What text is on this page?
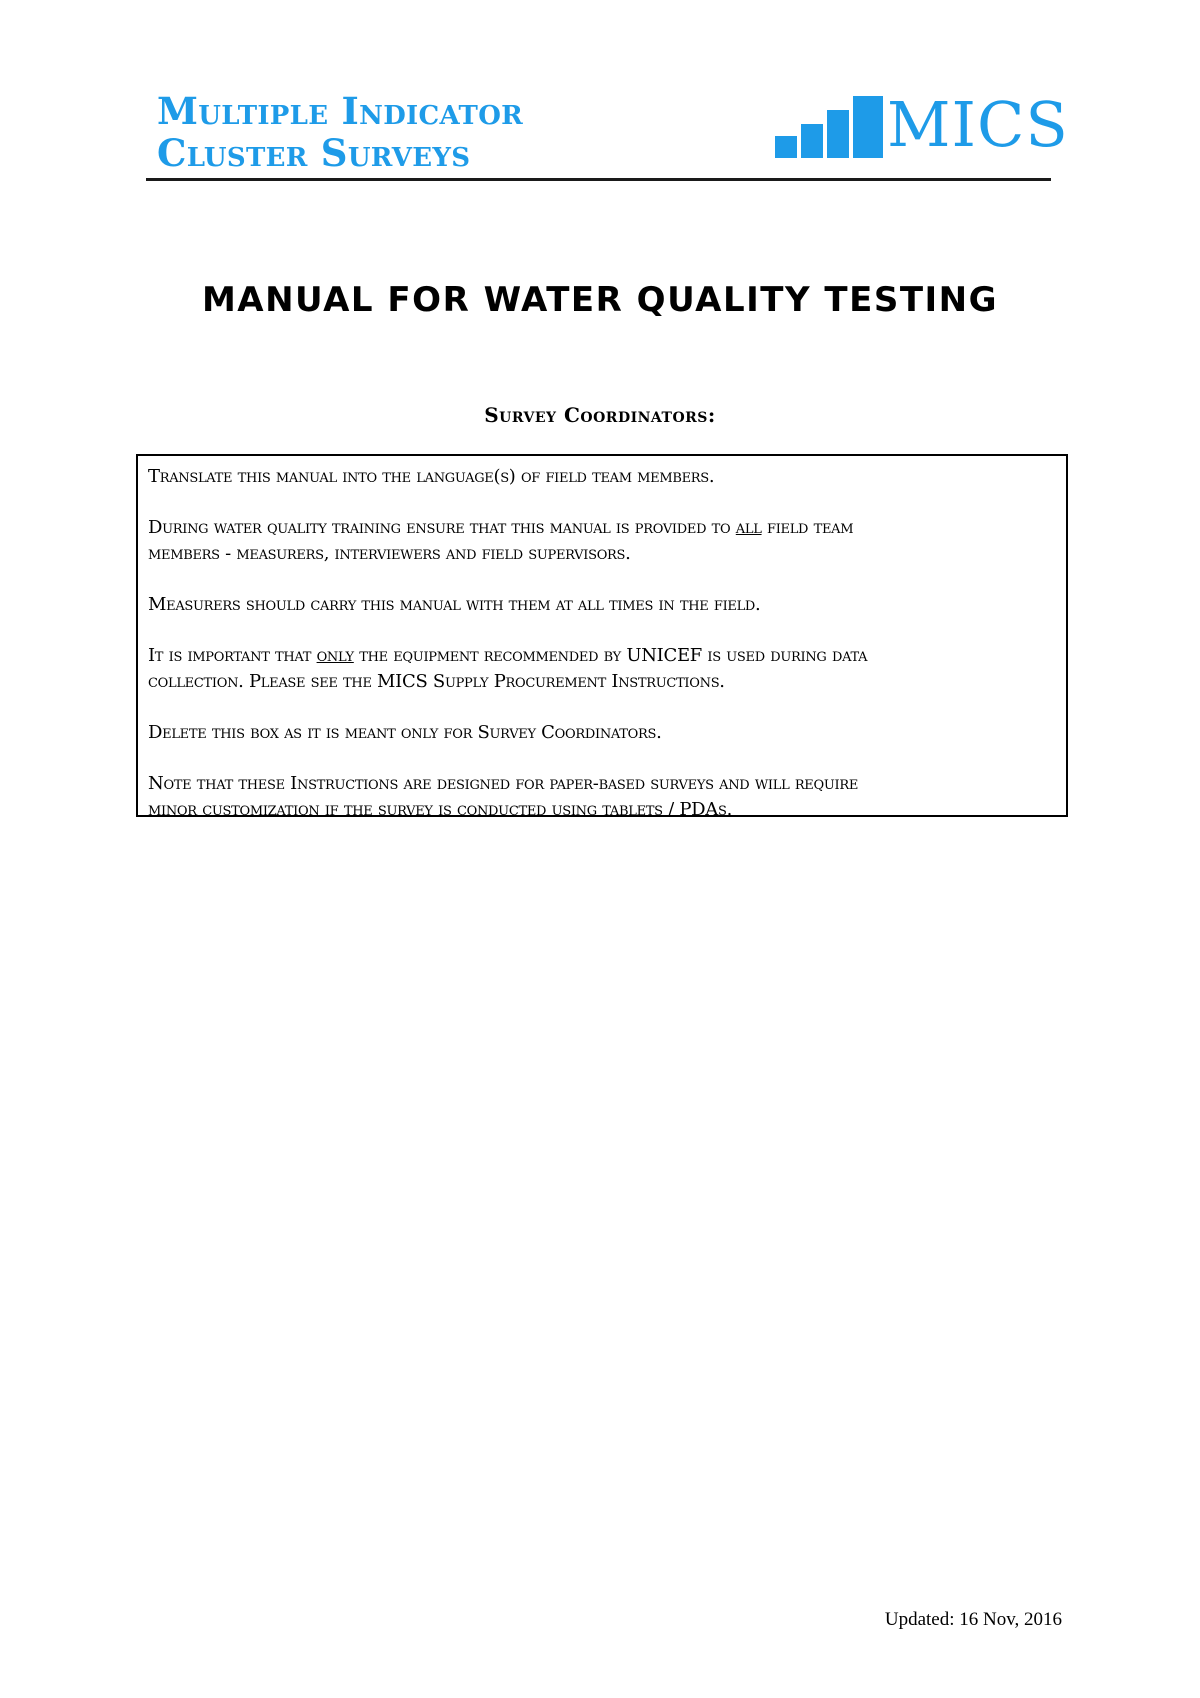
Multiple Indicator
Cluster Surveys	MICS
MANUAL FOR WATER QUALITY TESTING
Survey Coordinators:

Translate this manual into the language(s) of field team members.

During water quality training ensure that this manual is provided to all field team
members - measurers, interviewers and field supervisors.

Measurers should carry this manual with them at all times in the field.

It is important that only the equipment recommended by UNICEF is used during data
collection. Please see the MICS Supply Procurement Instructions.

Delete this box as it is meant only for Survey Coordinators.

Note that these Instructions are designed for paper-based surveys and will require
minor customization if the survey is conducted using tablets / PDAs.

Updated: 16 Nov, 2016
